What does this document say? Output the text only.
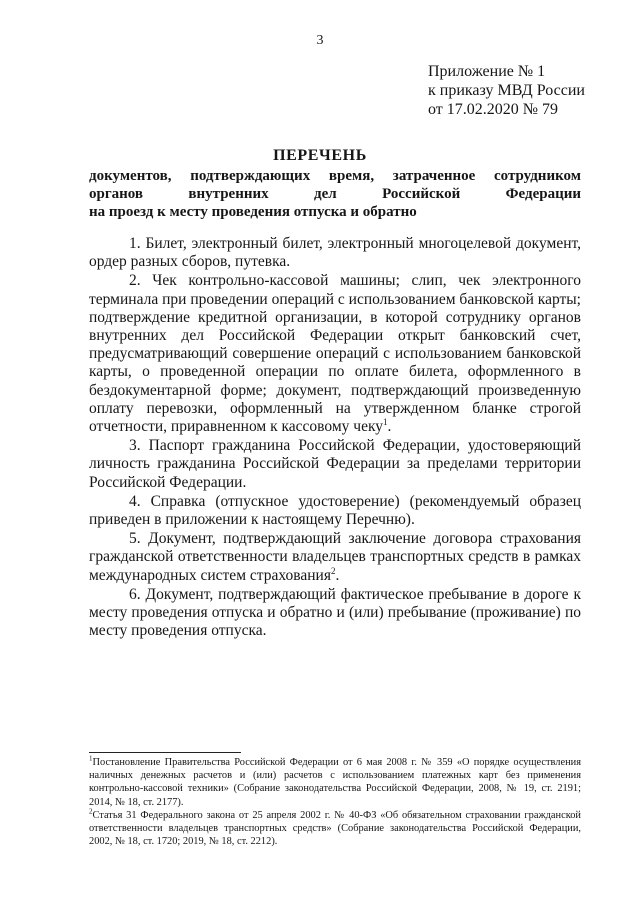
3
Приложение № 1
к приказу МВД России
от 17.02.2020 № 79
ПЕРЕЧЕНЬ
документов, подтверждающих время, затраченное сотрудником
органов	внутренних	дел	Российской	Федерации
на проезд к месту проведения отпуска и обратно

1. Билет, электронный билет, электронный многоцелевой документ, ордер разных сборов, путевка.

2. Чек контрольно-кассовой машины; слип, чек электронного терминала при проведении операций с использованием банковской карты; подтверждение кредитной организации, в которой сотруднику органов внутренних дел Российской Федерации открыт банковский счет, предусматривающий совершение операций с использованием банковской карты, о проведенной операции по оплате билета, оформленного в бездокументарной форме; документ, подтверждающий произведенную оплату перевозки, оформленный на утвержденном бланке строгой отчетности, приравненном к кассовому чеку$^1$.

3. Паспорт гражданина Российской Федерации, удостоверяющий личность гражданина Российской Федерации за пределами территории Российской Федерации.

4. Справка (отпускное удостоверение) (рекомендуемый образец приведен в приложении к настоящему Перечню).

5. Документ, подтверждающий заключение договора страхования гражданской ответственности владельцев транспортных средств в рамках международных систем страхования$^2$.

6. Документ, подтверждающий фактическое пребывание в дороге к месту проведения отпуска и обратно и (или) пребывание (проживание) по месту проведения отпуска.

$^1$Постановление Правительства Российской Федерации от 6 мая 2008 г. № 359 «О порядке осуществления наличных денежных расчетов и (или) расчетов с использованием платежных карт без применения контрольно-кассовой техники» (Собрание законодательства Российской Федерации, 2008, № 19, ст. 2191; 2014, № 18, ст. 2177).

$^2$Статья 31 Федерального закона от 25 апреля 2002 г. № 40-ФЗ «Об обязательном страховании гражданской ответственности владельцев транспортных средств» (Собрание законодательства Российской Федерации, 2002, № 18, ст. 1720; 2019, № 18, ст. 2212).
